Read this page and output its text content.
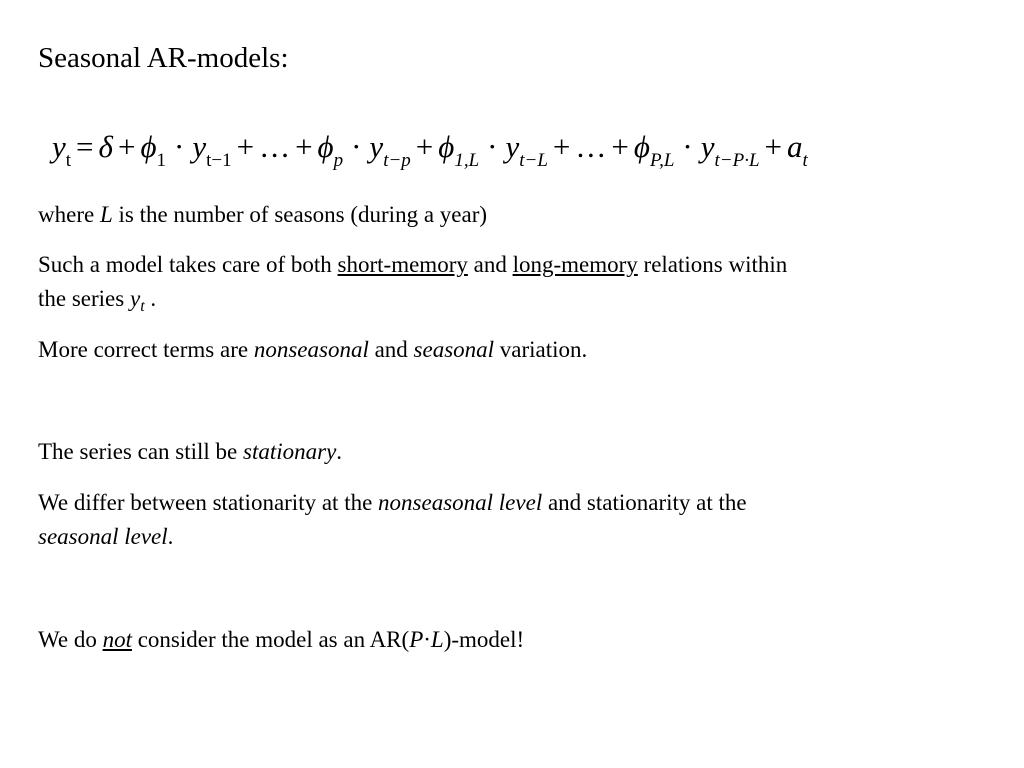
Seasonal AR-models:
$y_t = \delta + \phi_1 \cdot y_{t-1}$ + … + $\phi_p \cdot y_{t-p} + \phi_{1,L} \cdot y_{t-L}$ + … + $\phi_{P,L} \cdot y_{t-P\cdot L} + a_t$
where L is the number of seasons (during a year)
Such a model takes care of both short-memory and long-memory relations within
the series $y_t$ .
More correct terms are nonseasonal and seasonal variation.
The series can still be stationary.
We differ between stationarity at the nonseasonal level and stationarity at the
seasonal level.
We do not consider the model as an AR(P·L)-model!
